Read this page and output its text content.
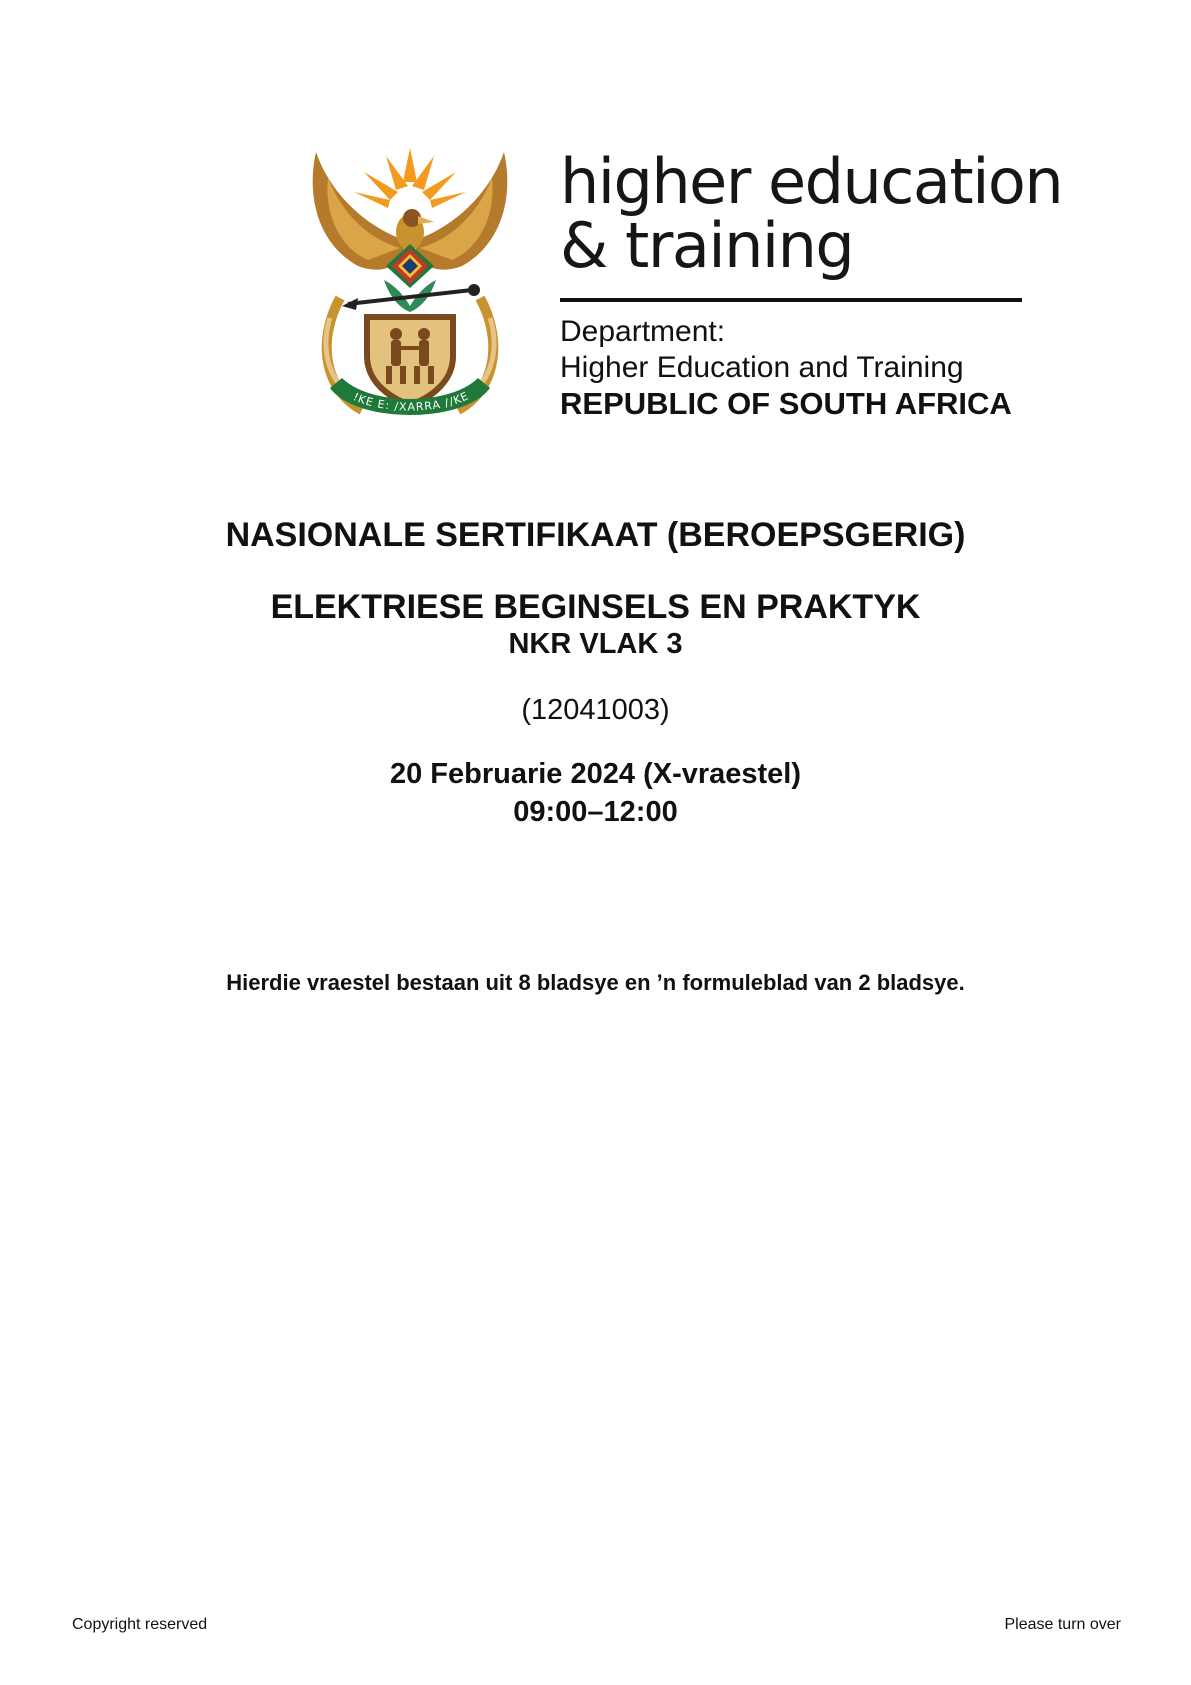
!KE E: /XARRA //KE
higher education
& training
Department:
Higher Education and Training
REPUBLIC OF SOUTH AFRICA
NASIONALE SERTIFIKAAT (BEROEPSGERIG)
ELEKTRIESE BEGINSELS EN PRAKTYK
NKR VLAK 3
(12041003)
20 Februarie 2024 (X-vraestel)
09:00–12:00
Hierdie vraestel bestaan uit 8 bladsye en ’n formuleblad van 2 bladsye.
Copyright reserved	Please turn over
